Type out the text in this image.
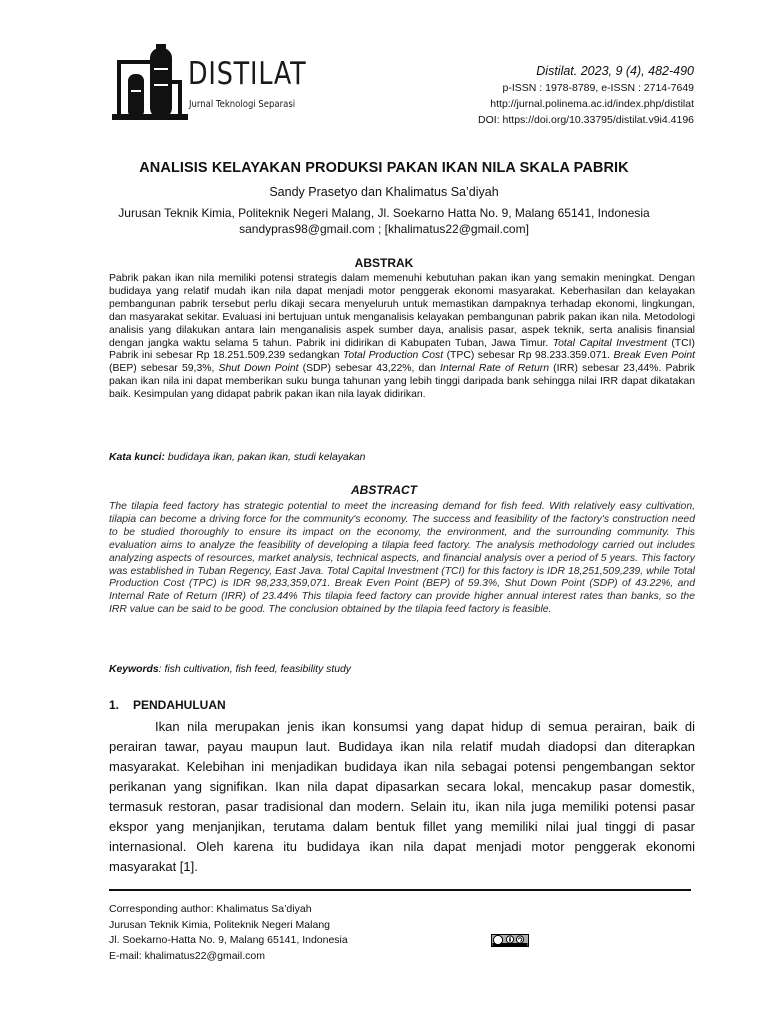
DISTILAT
Jurnal Teknologi Separasi
Distilat. 2023, 9 (4), 482-490
p-ISSN : 1978-8789, e-ISSN : 2714-7649
http://jurnal.polinema.ac.id/index.php/distilat
DOI: https://doi.org/10.33795/distilat.v9i4.4196
ANALISIS KELAYAKAN PRODUKSI PAKAN IKAN NILA SKALA PABRIK
Sandy Prasetyo dan Khalimatus Sa’diyah
Jurusan Teknik Kimia, Politeknik Negeri Malang, Jl. Soekarno Hatta No. 9, Malang 65141, Indonesia
sandypras98@gmail.com ; [khalimatus22@gmail.com]
ABSTRAK
Pabrik pakan ikan nila memiliki potensi strategis dalam memenuhi kebutuhan pakan ikan yang semakin meningkat. Dengan budidaya yang relatif mudah ikan nila dapat menjadi motor penggerak ekonomi masyarakat. Keberhasilan dan kelayakan pembangunan pabrik tersebut perlu dikaji secara menyeluruh untuk memastikan dampaknya terhadap ekonomi, lingkungan, dan masyarakat sekitar. Evaluasi ini bertujuan untuk menganalisis kelayakan pembangunan pabrik pakan ikan nila. Metodologi analisis yang dilakukan antara lain menganalisis aspek sumber daya, analisis pasar, aspek teknik, serta analisis finansial dengan jangka waktu selama 5 tahun. Pabrik ini didirikan di Kabupaten Tuban, Jawa Timur. Total Capital Investment (TCI) Pabrik ini sebesar Rp 18.251.509.239 sedangkan Total Production Cost (TPC) sebesar Rp 98.233.359.071. Break Even Point (BEP) sebesar 59,3%, Shut Down Point (SDP) sebesar 43,22%, dan Internal Rate of Return (IRR) sebesar 23,44%. Pabrik pakan ikan nila ini dapat memberikan suku bunga tahunan yang lebih tinggi daripada bank sehingga nilai IRR dapat dikatakan baik. Kesimpulan yang didapat pabrik pakan ikan nila layak didirikan.
Kata kunci: budidaya ikan, pakan ikan, studi kelayakan
ABSTRACT
The tilapia feed factory has strategic potential to meet the increasing demand for fish feed. With relatively easy cultivation, tilapia can become a driving force for the community's economy. The success and feasibility of the factory's construction need to be studied thoroughly to ensure its impact on the economy, the environment, and the surrounding community. This evaluation aims to analyze the feasibility of developing a tilapia feed factory. The analysis methodology carried out includes analyzing aspects of resources, market analysis, technical aspects, and financial analysis over a period of 5 years. This factory was established in Tuban Regency, East Java. Total Capital Investment (TCI) for this factory is IDR 18,251,509,239, while Total Production Cost (TPC) is IDR 98,233,359,071. Break Even Point (BEP) of 59.3%, Shut Down Point (SDP) of 43.22%, and Internal Rate of Return (IRR) of 23.44% This tilapia feed factory can provide higher annual interest rates than banks, so the IRR value can be said to be good. The conclusion obtained by the tilapia feed factory is feasible.
Keywords: fish cultivation, fish feed, feasibility study
1. PENDAHULUAN
Ikan nila merupakan jenis ikan konsumsi yang dapat hidup di semua perairan, baik di perairan tawar, payau maupun laut. Budidaya ikan nila relatif mudah diadopsi dan diterapkan masyarakat. Kelebihan ini menjadikan budidaya ikan nila sebagai potensi pengembangan sektor perikanan yang signifikan. Ikan nila dapat dipasarkan secara lokal, mencakup pasar domestik, termasuk restoran, pasar tradisional dan modern. Selain itu, ikan nila juga memiliki potensi pasar ekspor yang menjanjikan, terutama dalam bentuk fillet yang memiliki nilai jual tinggi di pasar internasional. Oleh karena itu budidaya ikan nila dapat menjadi motor penggerak ekonomi masyarakat [1].
Corresponding author: Khalimatus Sa’diyah
Jurusan Teknik Kimia, Politeknik Negeri Malang
Jl. Soekarno-Hatta No. 9, Malang 65141, Indonesia
E-mail: khalimatus22@gmail.com
